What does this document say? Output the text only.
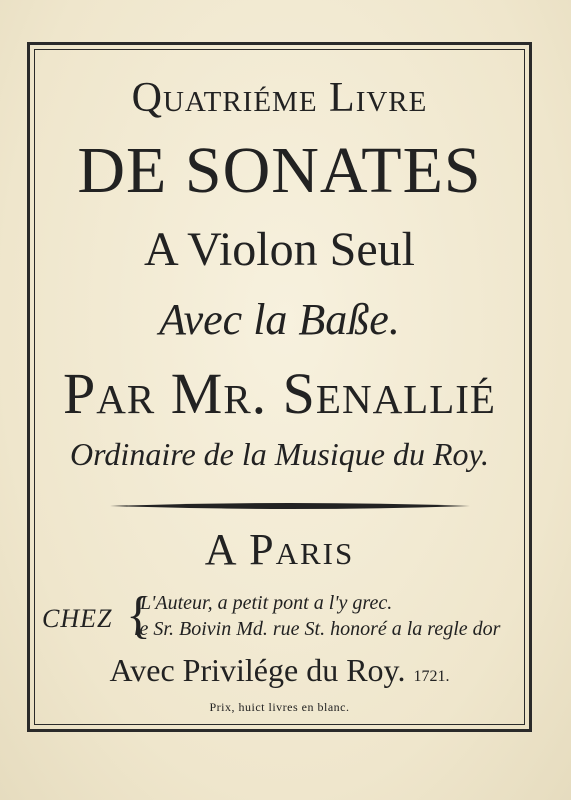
Quatriéme Livre
DE SONATES
A Violon Seul
Avec la Baße.
Par Mr. Senallié
Ordinaire de la Musique du Roy.
A Paris
CHEZ {
L'Auteur, a petit pont a l'y grec.
le Sr. Boivin Md. rue St. honoré a la regle dor
Avec Privilége du Roy. 1721.
Prix, huict livres en blanc.
